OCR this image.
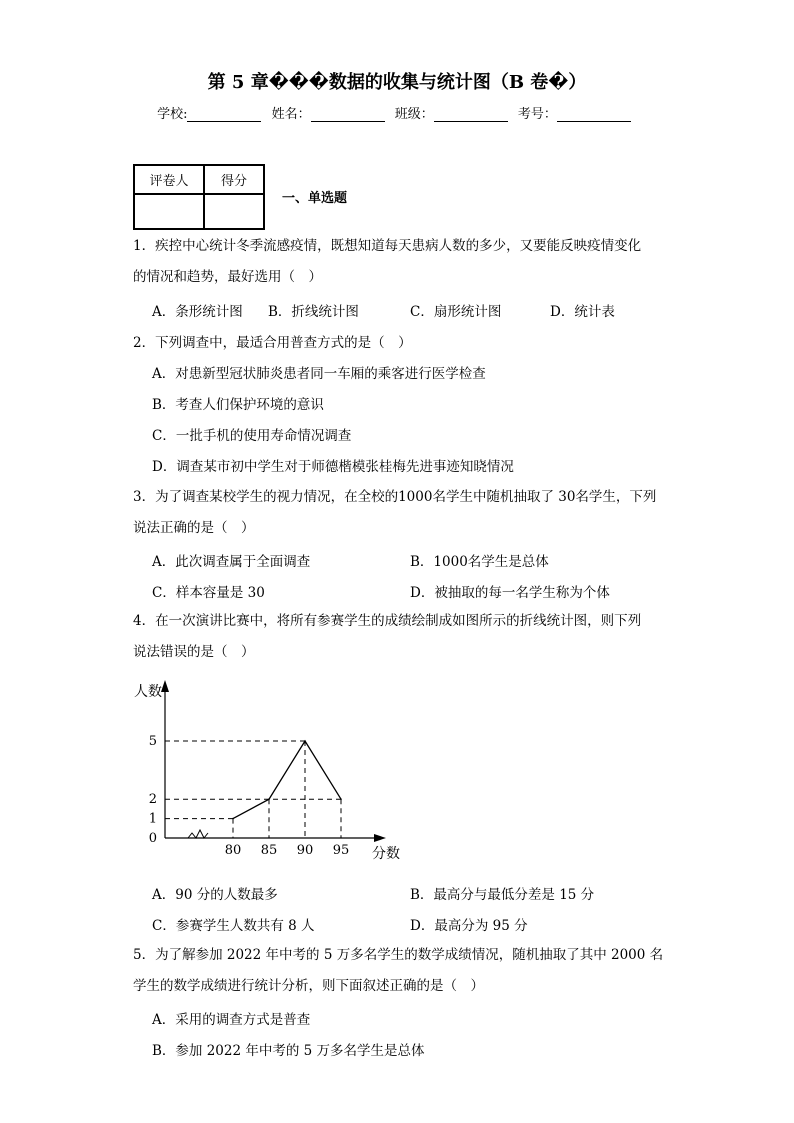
第 5 章���数据的收集与统计图（B 卷�）
学校:	姓名：	班级：	考号：
评卷人	得分

一、单选题
1．疾控中心统计冬季流感疫情，既想知道每天患病人数的多少，又要能反映疫情变化
的情况和趋势，最好选用（　）
A．条形统计图 B．折线统计图	C．扇形统计图	D．统计表
2．下列调查中，最适合用普查方式的是（　）
A．对患新型冠状肺炎患者同一车厢的乘客进行医学检查
B．考查人们保护环境的意识
C．一批手机的使用寿命情况调查
D．调查某市初中学生对于师德楷模张桂梅先进事迹知晓情况
3．为了调查某校学生的视力情况，在全校的1000名学生中随机抽取了 30名学生，下列
说法正确的是（　）
A．此次调查属于全面调查	B．1000名学生是总体
C．样本容量是 30	D．被抽取的每一名学生称为个体
4．在一次演讲比赛中，将所有参赛学生的成绩绘制成如图所示的折线统计图，则下列
说法错误的是（　）
人数
分数
80 85 90 95
0
1
2
5
A．90 分的人数最多	B．最高分与最低分差是 15 分
C．参赛学生人数共有 8 人	D．最高分为 95 分
5．为了解参加 2022 年中考的 5 万多名学生的数学成绩情况，随机抽取了其中 2000 名
学生的数学成绩进行统计分析，则下面叙述正确的是（　）
A．采用的调查方式是普查
B．参加 2022 年中考的 5 万多名学生是总体
